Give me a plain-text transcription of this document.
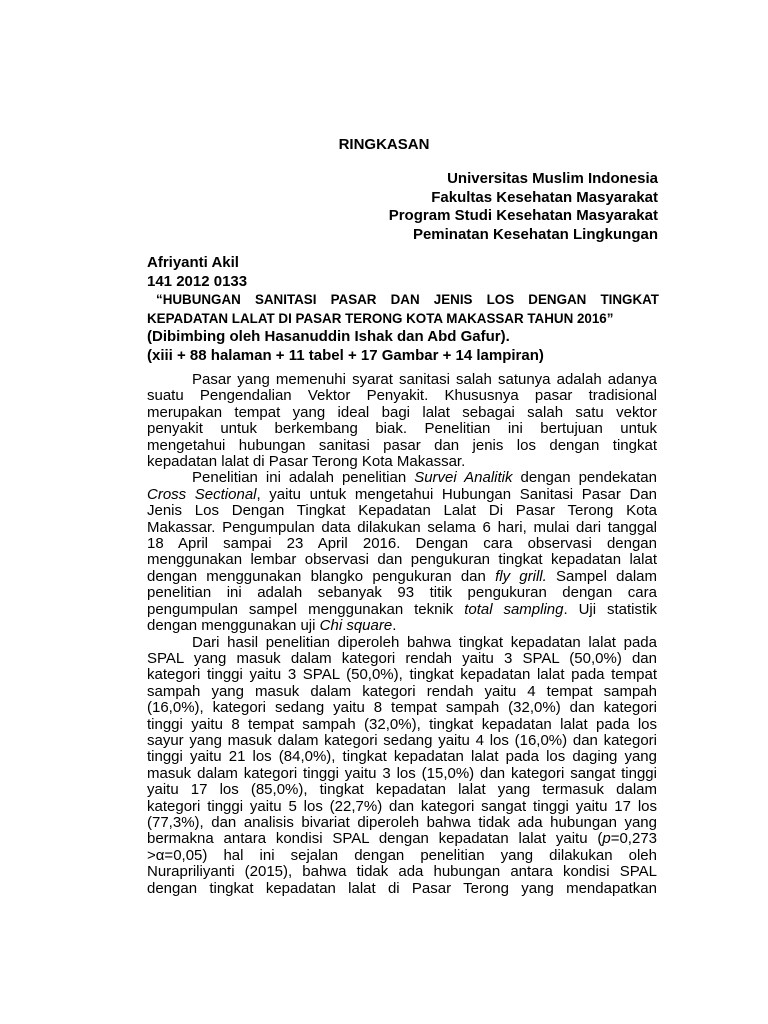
RINGKASAN
Universitas Muslim Indonesia
Fakultas Kesehatan Masyarakat
Program Studi Kesehatan Masyarakat
Peminatan Kesehatan Lingkungan
Afriyanti Akil
141 2012 0133
“HUBUNGAN SANITASI PASAR DAN JENIS LOS DENGAN TINGKAT
KEPADATAN LALAT DI PASAR TERONG KOTA MAKASSAR TAHUN 2016”
(Dibimbing oleh Hasanuddin Ishak dan Abd Gafur).
(xiii + 88 halaman + 11 tabel + 17 Gambar + 14 lampiran)
Pasar yang memenuhi syarat sanitasi salah satunya adalah adanya
suatu Pengendalian Vektor Penyakit. Khususnya pasar tradisional
merupakan tempat yang ideal bagi lalat sebagai salah satu vektor
penyakit untuk berkembang biak. Penelitian ini bertujuan untuk
mengetahui hubungan sanitasi pasar dan jenis los dengan tingkat
kepadatan lalat di Pasar Terong Kota Makassar.
Penelitian ini adalah penelitian Survei Analitik dengan pendekatan
Cross Sectional, yaitu untuk mengetahui Hubungan Sanitasi Pasar Dan
Jenis Los Dengan Tingkat Kepadatan Lalat Di Pasar Terong Kota
Makassar. Pengumpulan data dilakukan selama 6 hari, mulai dari tanggal
18 April sampai 23 April 2016. Dengan cara observasi dengan
menggunakan lembar observasi dan pengukuran tingkat kepadatan lalat
dengan menggunakan blangko pengukuran dan fly grill. Sampel dalam
penelitian ini adalah sebanyak 93 titik pengukuran dengan cara
pengumpulan sampel menggunakan teknik total sampling. Uji statistik
dengan menggunakan uji Chi square.
Dari hasil penelitian diperoleh bahwa tingkat kepadatan lalat pada
SPAL yang masuk dalam kategori rendah yaitu 3 SPAL (50,0%) dan
kategori tinggi yaitu 3 SPAL (50,0%), tingkat kepadatan lalat pada tempat
sampah yang masuk dalam kategori rendah yaitu 4 tempat sampah
(16,0%), kategori sedang yaitu 8 tempat sampah (32,0%) dan kategori
tinggi yaitu 8 tempat sampah (32,0%), tingkat kepadatan lalat pada los
sayur yang masuk dalam kategori sedang yaitu 4 los (16,0%) dan kategori
tinggi yaitu 21 los (84,0%), tingkat kepadatan lalat pada los daging yang
masuk dalam kategori tinggi yaitu 3 los (15,0%) dan kategori sangat tinggi
yaitu 17 los (85,0%), tingkat kepadatan lalat yang termasuk dalam
kategori tinggi yaitu 5 los (22,7%) dan kategori sangat tinggi yaitu 17 los
(77,3%), dan analisis bivariat diperoleh bahwa tidak ada hubungan yang
bermakna antara kondisi SPAL dengan kepadatan lalat yaitu (p=0,273
>α=0,05) hal ini sejalan dengan penelitian yang dilakukan oleh
Nurapriliyanti (2015), bahwa tidak ada hubungan antara kondisi SPAL
dengan tingkat kepadatan lalat di Pasar Terong yang mendapatkan
